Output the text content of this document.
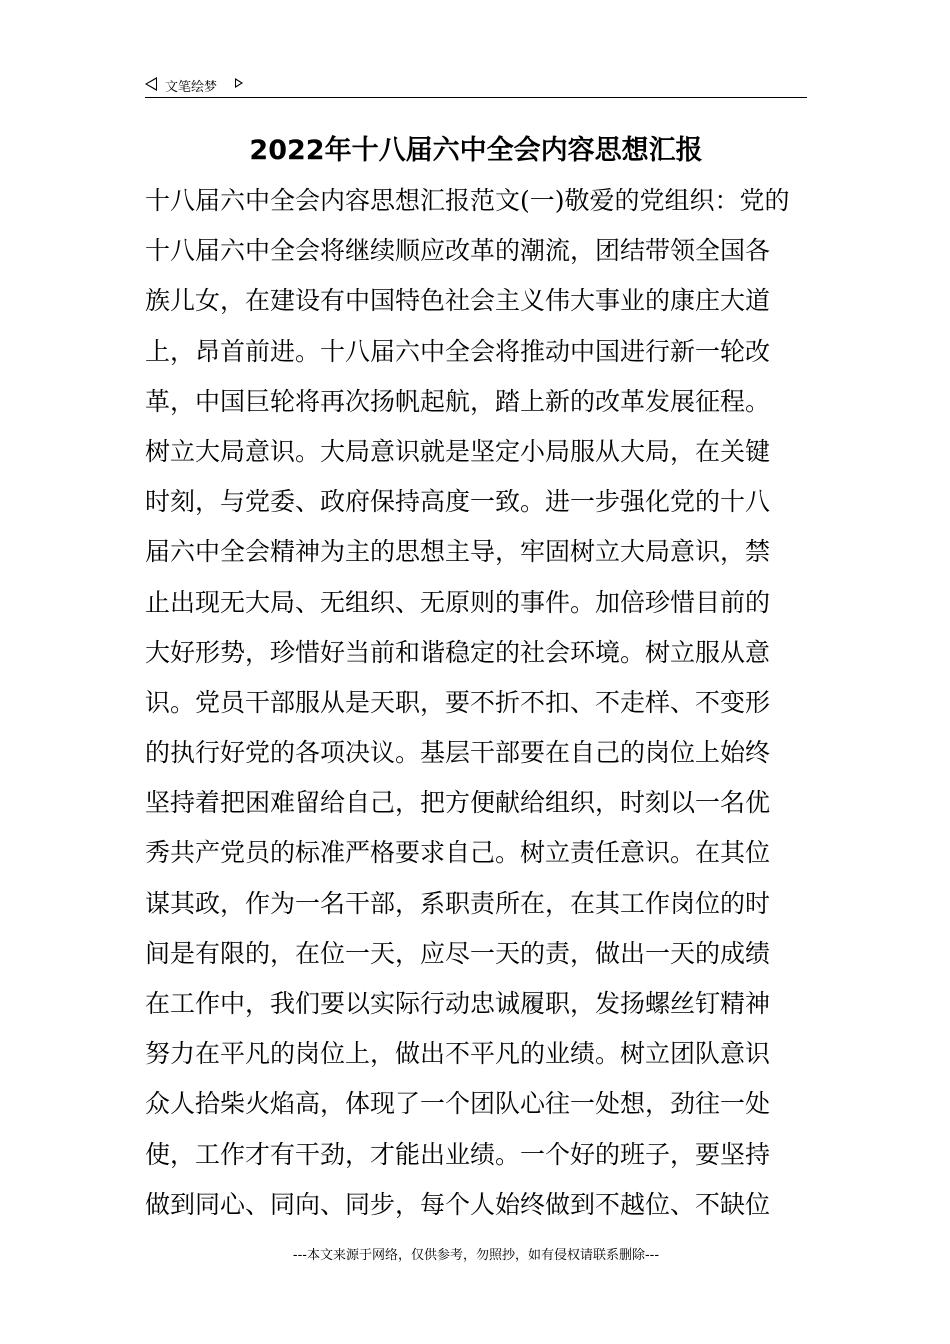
文笔绘梦
2022年十八届六中全会内容思想汇报
十八届六中全会内容思想汇报范文(一)敬爱的党组织：党的
十八届六中全会将继续顺应改革的潮流，团结带领全国各
族儿女，在建设有中国特色社会主义伟大事业的康庄大道
上，昂首前进。十八届六中全会将推动中国进行新一轮改
革，中国巨轮将再次扬帆起航，踏上新的改革发展征程。
树立大局意识。大局意识就是坚定小局服从大局，在关键
时刻，与党委、政府保持高度一致。进一步强化党的十八
届六中全会精神为主的思想主导，牢固树立大局意识，禁
止出现无大局、无组织、无原则的事件。加倍珍惜目前的
大好形势，珍惜好当前和谐稳定的社会环境。树立服从意
识。党员干部服从是天职，要不折不扣、不走样、不变形
的执行好党的各项决议。基层干部要在自己的岗位上始终
坚持着把困难留给自己，把方便献给组织，时刻以一名优
秀共产党员的标准严格要求自己。树立责任意识。在其位
谋其政，作为一名干部，系职责所在，在其工作岗位的时
间是有限的，在位一天，应尽一天的责，做出一天的成绩
在工作中，我们要以实际行动忠诚履职，发扬螺丝钉精神
努力在平凡的岗位上，做出不平凡的业绩。树立团队意识
众人拾柴火焰高，体现了一个团队心往一处想，劲往一处
使，工作才有干劲，才能出业绩。一个好的班子，要坚持
做到同心、同向、同步，每个人始终做到不越位、不缺位
---本文来源于网络，仅供参考，勿照抄，如有侵权请联系删除---
